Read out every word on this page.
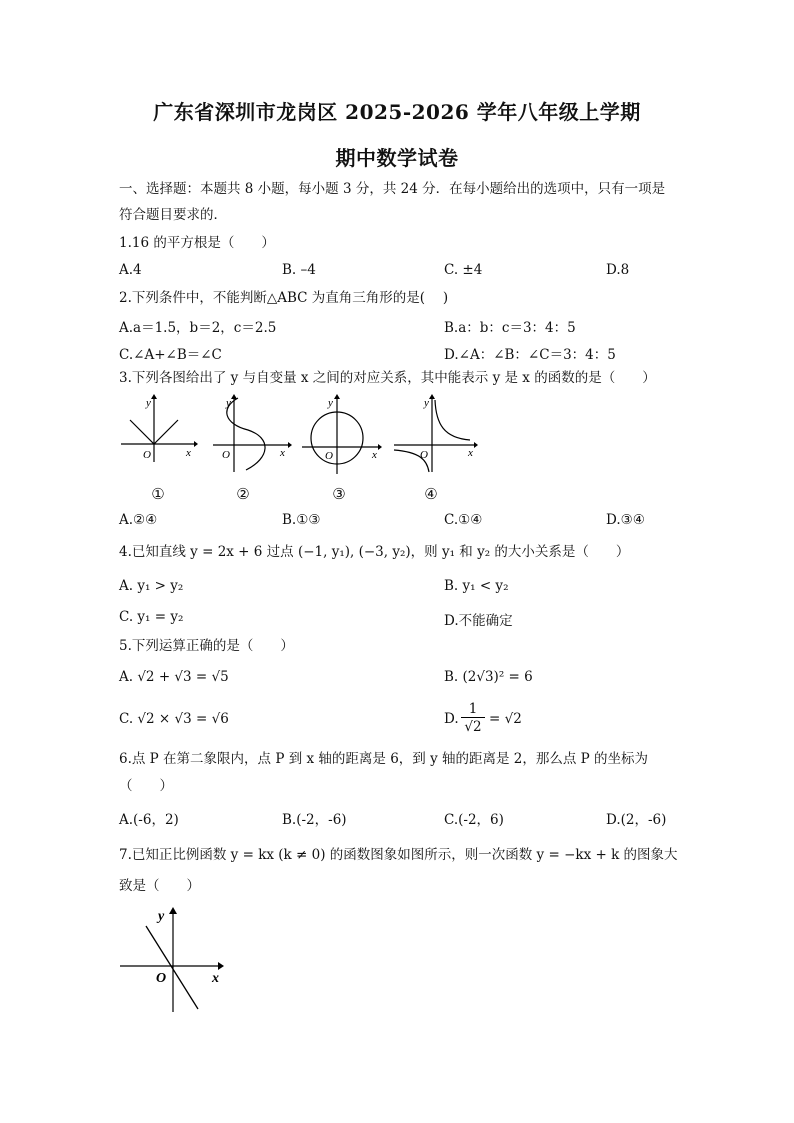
广东省深圳市龙岗区 2025-2026 学年八年级上学期
期中数学试卷
一、选择题：本题共 8 小题，每小题 3 分，共 24 分．在每小题给出的选项中，只有一项是
符合题目要求的．
1.16 的平方根是（　　）
A.4	B. –4	C. ±4	D.8
2.下列条件中，不能判断△ABC 为直角三角形的是(　 )
A.a＝1.5，b＝2，c＝2.5	B.a：b：c＝3：4：5
C.∠A+∠B＝∠C	D.∠A：∠B：∠C＝3：4：5
3.下列各图给出了 y 与自变量 x 之间的对应关系，其中能表示 y 是 x 的函数的是（　　）
y
x
O
①
y
x
O
②
y
x
O
③
y
x
O
④
A.②④	B.①③	C.①④	D.③④
4.已知直线 y = 2x + 6 过点 (−1, y₁), (−3, y₂)，则 y₁ 和 y₂ 的大小关系是（　　）
A. y₁ > y₂	B. y₁ < y₂
C. y₁ = y₂	D.不能确定
5.下列运算正确的是（　　）
A. √2 + √3 = √5	B. (2√3)² = 6
C. √2 × √3 = √6	D.
1
√2 = √2
6.点 P 在第二象限内，点 P 到 x 轴的距离是 6，到 y 轴的距离是 2，那么点 P 的坐标为
（　　）
A.(-6，2)	B.(-2，-6)	C.(-2，6)	D.(2，-6)
7.已知正比例函数 y = kx (k ≠ 0) 的函数图象如图所示，则一次函数 y = −kx + k 的图象大
致是（　　）
y
x
O
